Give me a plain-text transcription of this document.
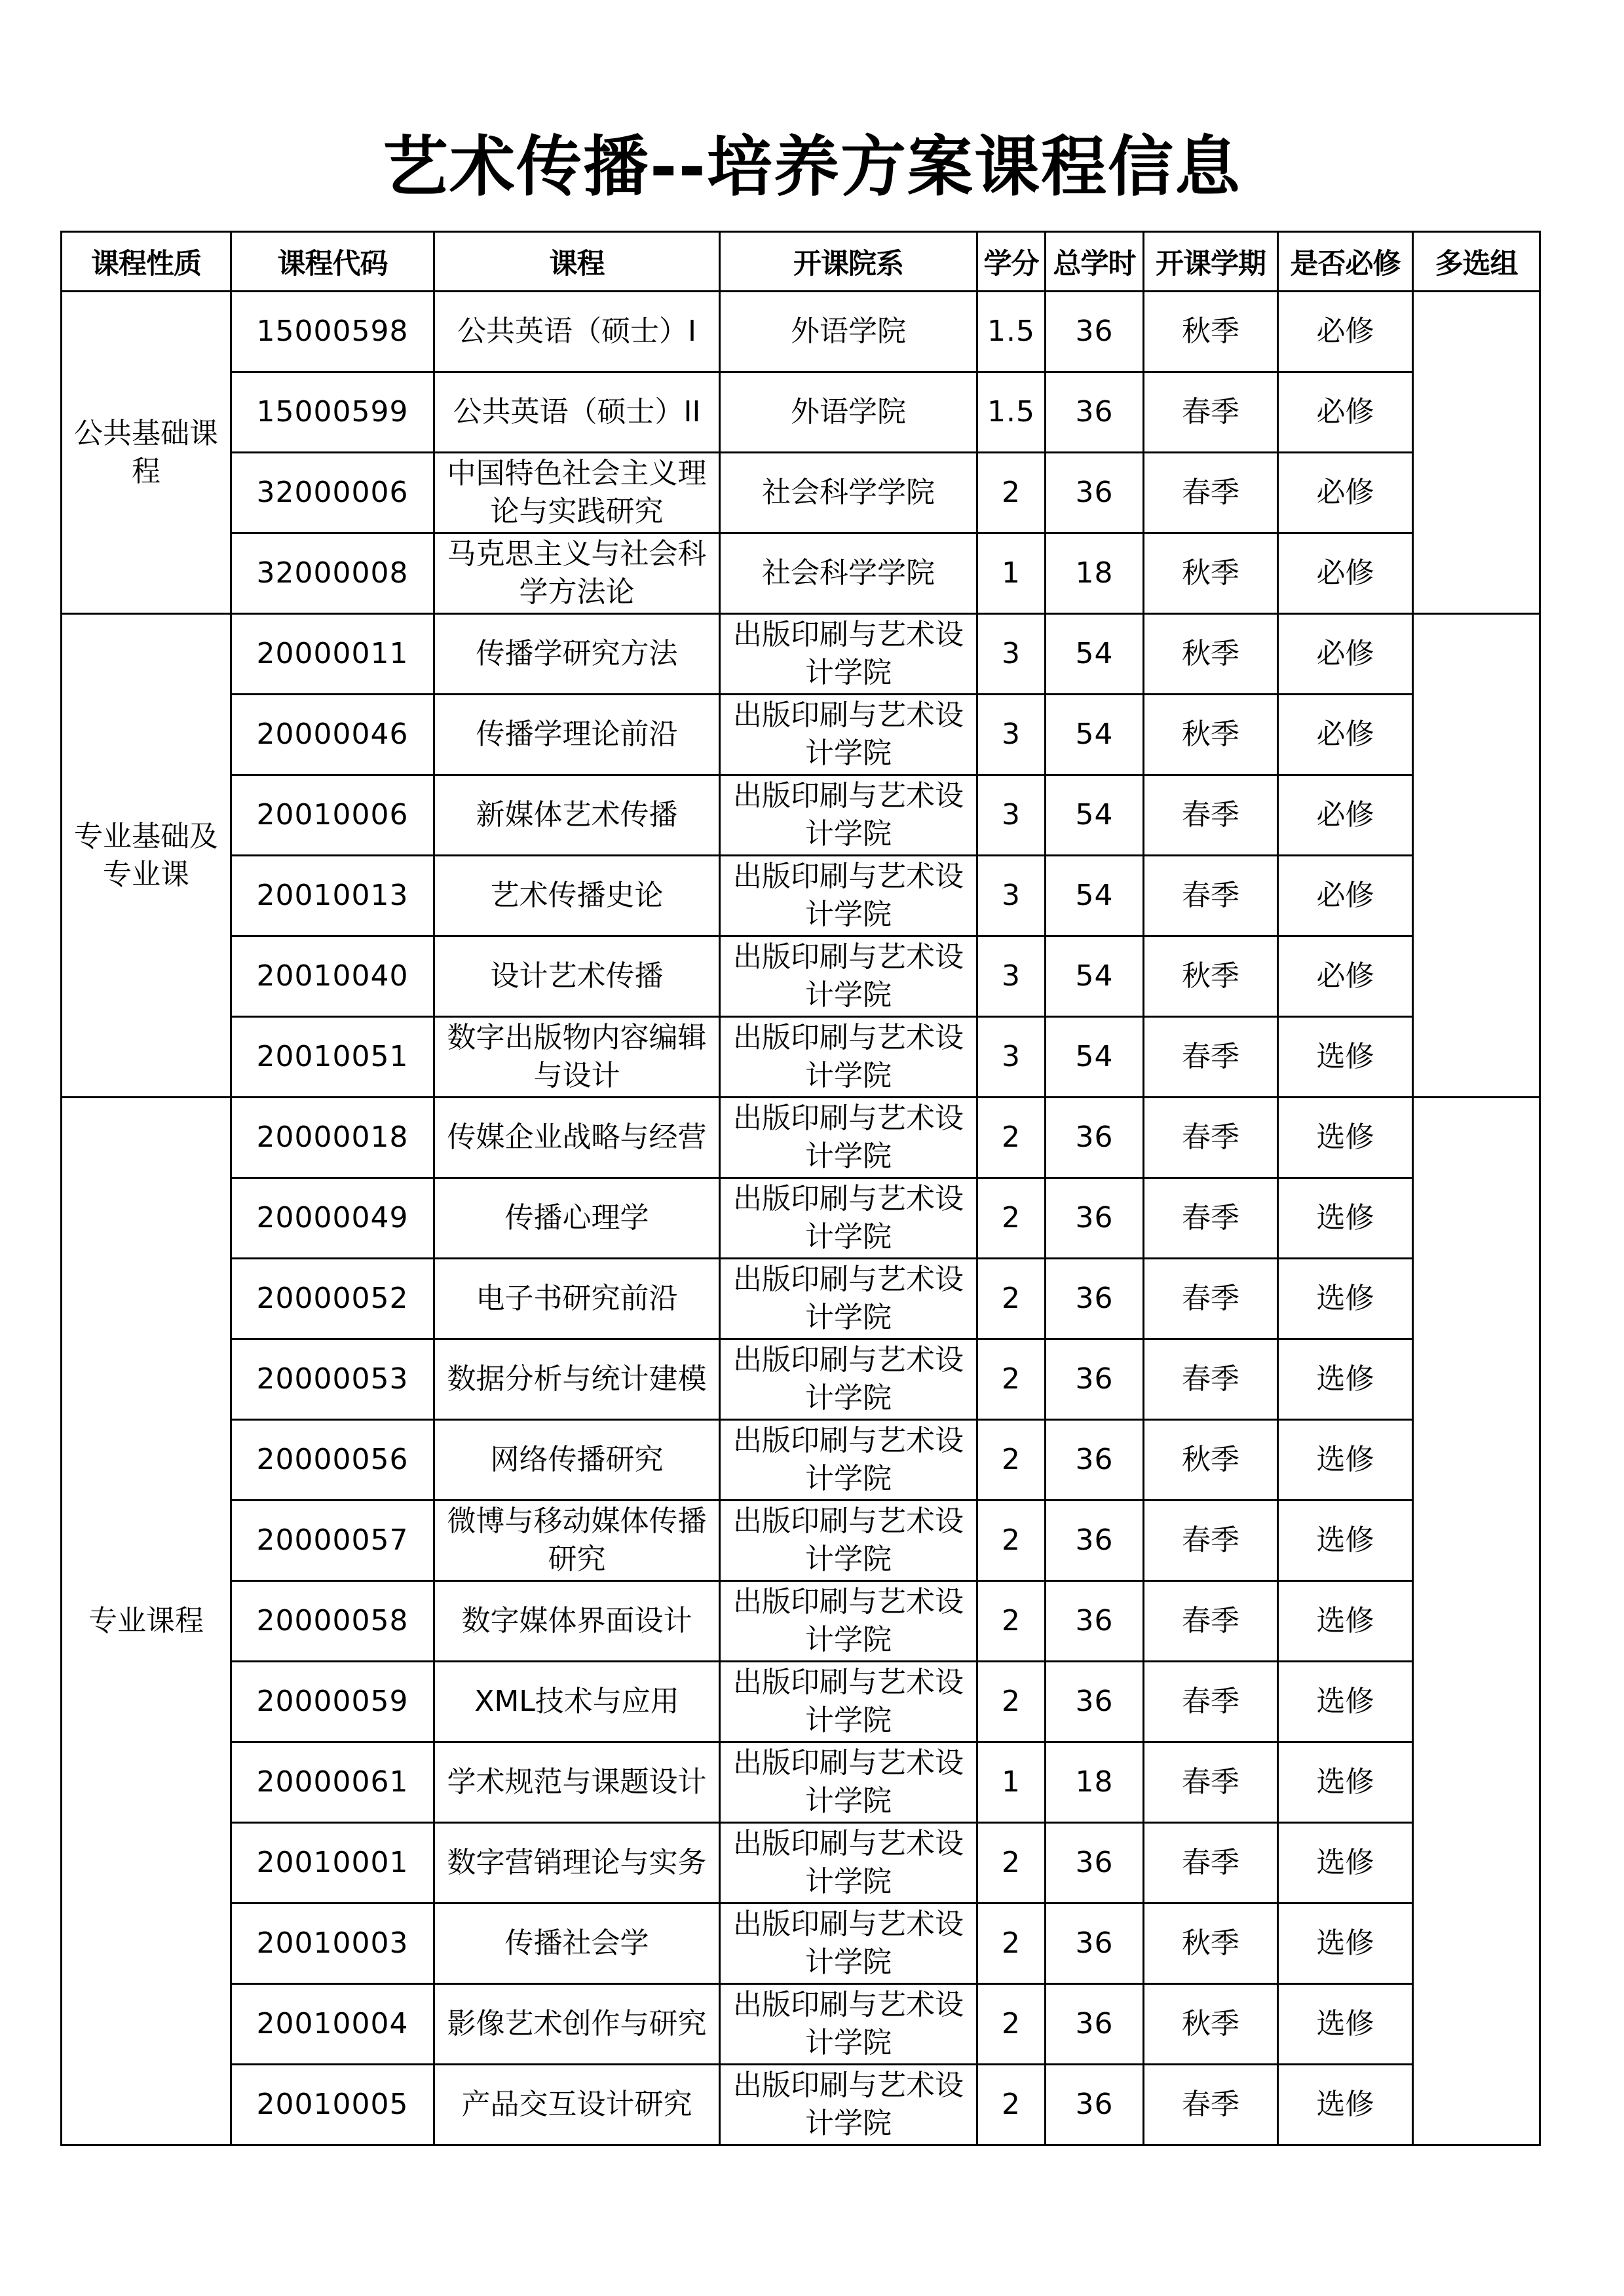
艺术传播--培养方案课程信息
课程性质	课程代码	课程	开课院系	学分	总学时	开课学期	是否必修	多选组
公共基础课程	15000598	公共英语（硕士）I	外语学院	1.5	36	秋季	必修	
	15000599	公共英语（硕士）II	外语学院	1.5	36	春季	必修	
	32000006	中国特色社会主义理论与实践研究	社会科学学院	2	36	春季	必修	
	32000008	马克思主义与社会科学方法论	社会科学学院	1	18	秋季	必修	
专业基础及专业课	20000011	传播学研究方法	出版印刷与艺术设计学院	3	54	秋季	必修	
	20000046	传播学理论前沿	出版印刷与艺术设计学院	3	54	秋季	必修	
	20010006	新媒体艺术传播	出版印刷与艺术设计学院	3	54	春季	必修	
	20010013	艺术传播史论	出版印刷与艺术设计学院	3	54	春季	必修	
	20010040	设计艺术传播	出版印刷与艺术设计学院	3	54	秋季	必修	
	20010051	数字出版物内容编辑与设计	出版印刷与艺术设计学院	3	54	春季	选修	
专业课程	20000018	传媒企业战略与经营	出版印刷与艺术设计学院	2	36	春季	选修	
	20000049	传播心理学	出版印刷与艺术设计学院	2	36	春季	选修	
	20000052	电子书研究前沿	出版印刷与艺术设计学院	2	36	春季	选修	
	20000053	数据分析与统计建模	出版印刷与艺术设计学院	2	36	春季	选修	
	20000056	网络传播研究	出版印刷与艺术设计学院	2	36	秋季	选修	
	20000057	微博与移动媒体传播研究	出版印刷与艺术设计学院	2	36	春季	选修	
	20000058	数字媒体界面设计	出版印刷与艺术设计学院	2	36	春季	选修	
	20000059	XML技术与应用	出版印刷与艺术设计学院	2	36	春季	选修	
	20000061	学术规范与课题设计	出版印刷与艺术设计学院	1	18	春季	选修	
	20010001	数字营销理论与实务	出版印刷与艺术设计学院	2	36	春季	选修	
	20010003	传播社会学	出版印刷与艺术设计学院	2	36	秋季	选修	
	20010004	影像艺术创作与研究	出版印刷与艺术设计学院	2	36	秋季	选修	
	20010005	产品交互设计研究	出版印刷与艺术设计学院	2	36	春季	选修	
